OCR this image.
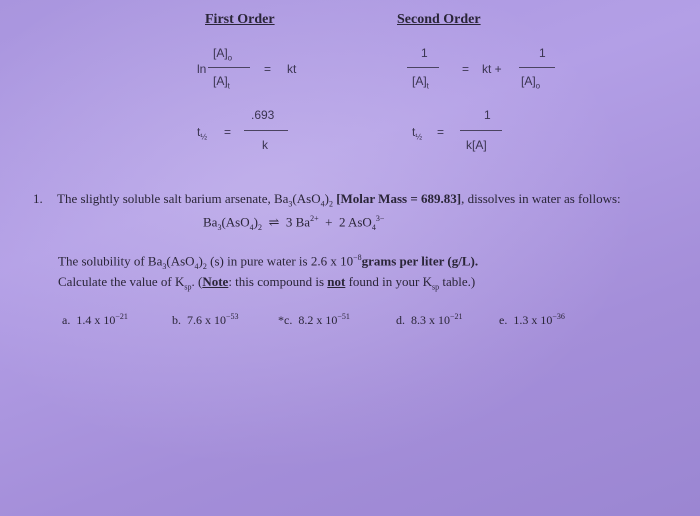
First Order	Second Order
ln
$[A]_o$
$[A]_t$
= kt
$t_{\frac{1}{2}}$ =
.693
k
1
$[A]_t$
= kt +
1
$[A]_o$
$t_{\frac{1}{2}}$ =
1
k[A]
1. The slightly soluble salt barium arsenate, $Ba_3(AsO_4)_2$ [Molar Mass = 689.83], dissolves in water as follows:
$Ba_3(AsO_4)_2$ ⇌ 3 $Ba^{2+} + 2$ AsO$_4^{3-}$
The solubility of $Ba_3(AsO_4)_2$ (s) in pure water is 2.6 x $10^{-8}grams$ per liter (g/L).
Calculate the value of $K_{sp}$. (Note: this compound is not found in your $K_{sp}$ table.)
a. 1.4 x $10^{-21}$	b. 7.6 x $10^{-53}$	*c. 8.2 x $10^{-51}$	d. 8.3 x $10^{-21}$	e. 1.3 x $10^{-36}$
